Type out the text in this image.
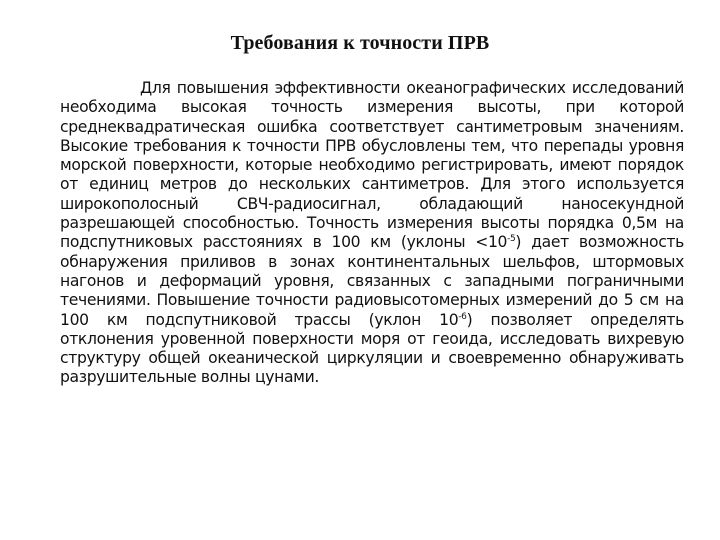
Требования к точности ПРВ
Для повышения эффективности океанографических исследований необходима высокая точность измерения высоты, при которой среднеквадратическая ошибка соответствует сантиметровым значениям. Высокие требования к точности ПРВ обусловлены тем, что перепады уровня морской поверхности, которые необходимо регистрировать, имеют порядок от единиц метров до нескольких сантиметров. Для этого используется широкополосный СВЧ-радиосигнал, обладающий наносекундной разрешающей способностью. Точность измерения высоты порядка 0,5м на подспутниковых расстояниях в 100 км (уклоны $<10^{-5}$) дает возможность обнаружения приливов в зонах континентальных шельфов, штормовых нагонов и деформаций уровня, связанных с западными пограничными течениями. Повышение точности радиовысотомерных измерений до 5 см на 100 км подспутниковой трассы (уклон $10^{-6}$) позволяет определять отклонения уровенной поверхности моря от геоида, исследовать вихревую структуру общей океанической циркуляции и своевременно обнаруживать разрушительные волны цунами.
